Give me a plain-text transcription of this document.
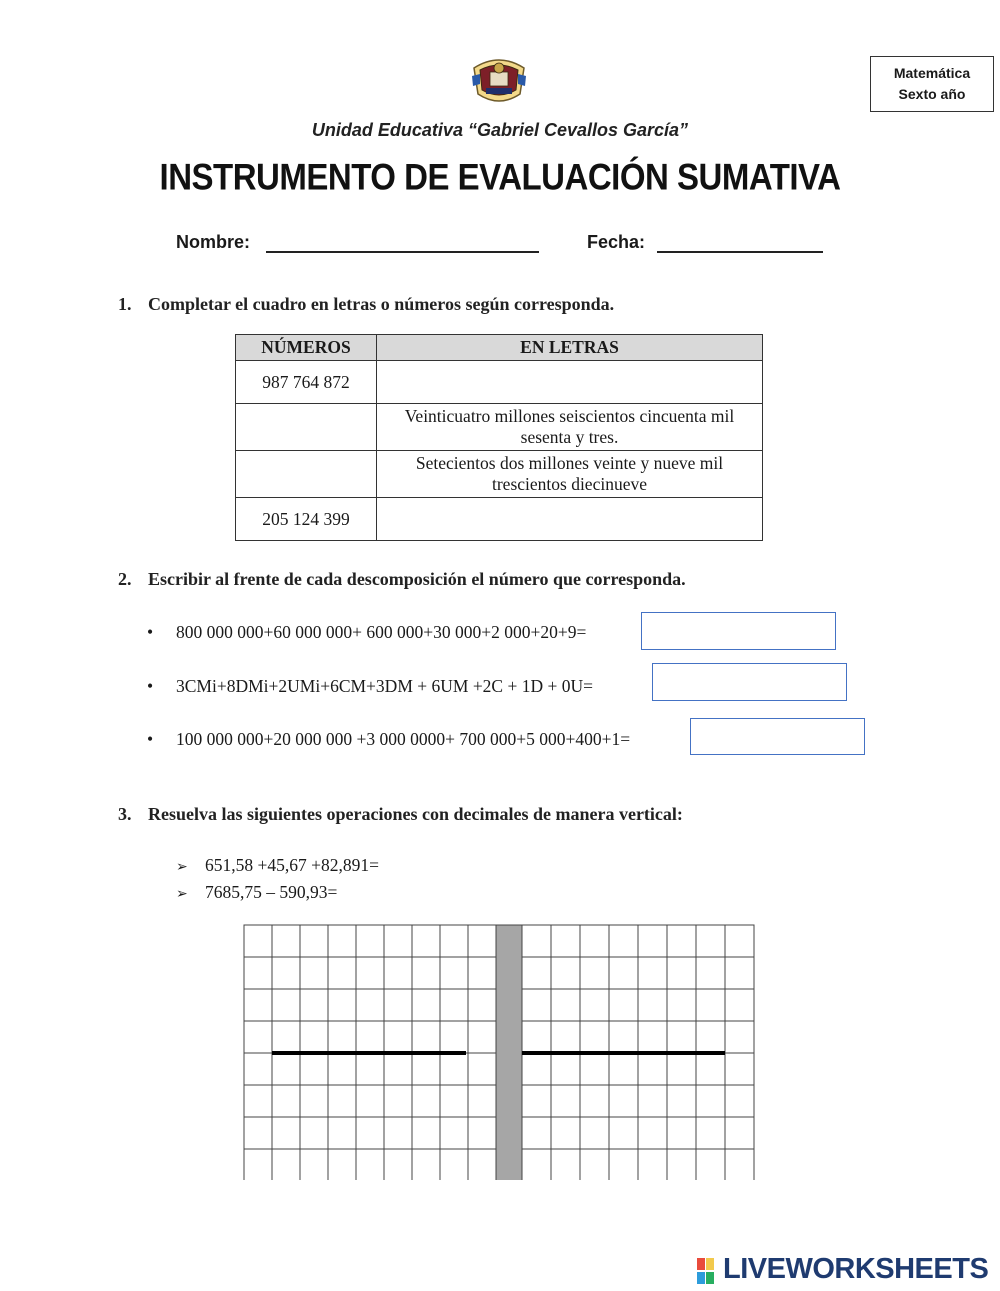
Matemática
Sexto año
Unidad Educativa “Gabriel Cevallos García”
INSTRUMENTO DE EVALUACIÓN SUMATIVA
Nombre:	Fecha:
1. Completar el cuadro en letras o números según corresponda.
NÚMEROS	EN LETRAS
987 764 872	
	Veinticuatro millones seiscientos cincuenta mil sesenta y tres.
	Setecientos dos millones veinte y nueve mil trescientos diecinueve
205 124 399	
2. Escribir al frente de cada descomposición el número que corresponda.
• 800 000 000+60 000 000+ 600 000+30 000+2 000+20+9=
• 3CMi+8DMi+2UMi+6CM+3DM + 6UM +2C + 1D + 0U=
• 100 000 000+20 000 000 +3 000 0000+ 700 000+5 000+400+1=
3. Resuelva las siguientes operaciones con decimales de manera vertical:
➢ 651,58 +45,67 +82,891=
➢ 7685,75 – 590,93=
LIVEWORKSHEETS
